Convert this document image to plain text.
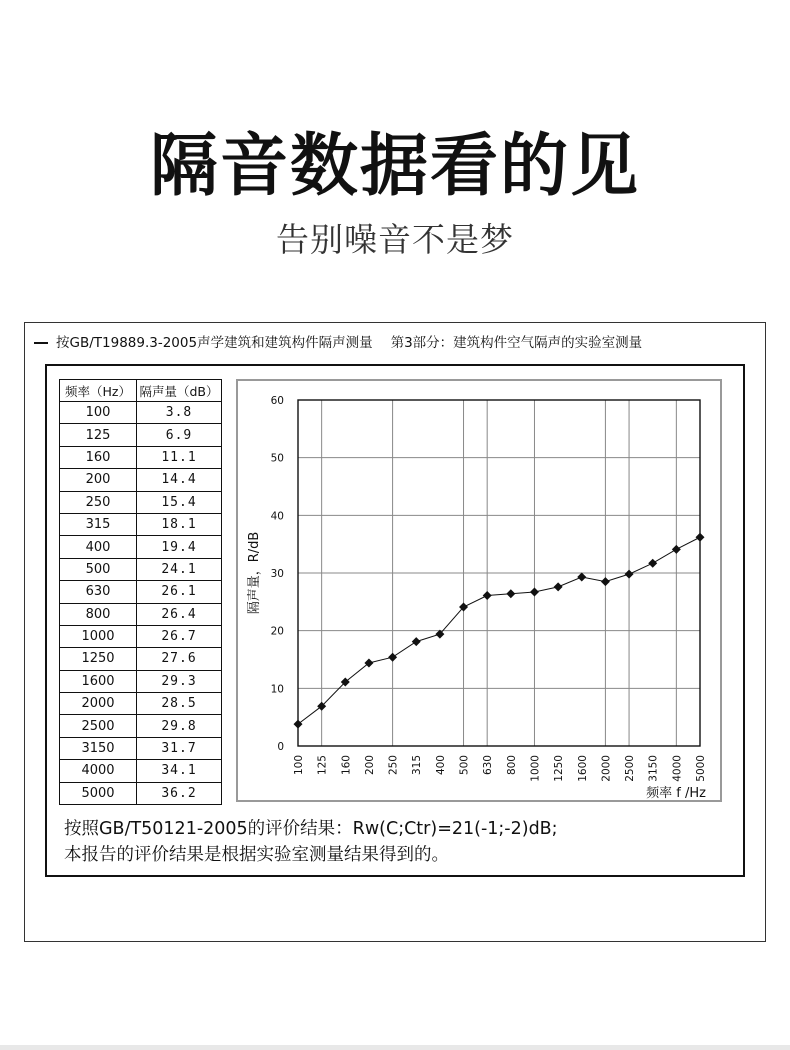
隔音数据看的见
告别噪音不是梦
按GB/T19889.3-2005声学建筑和建筑构件隔声测量 第3部分：建筑构件空气隔声的实验室测量
频率（Hz）	隔声量（dB）
100	3.8
125	6.9
160	11.1
200	14.4
250	15.4
315	18.1
400	19.4
500	24.1
630	26.1
800	26.4
1000	26.7
1250	27.6
1600	29.3
2000	28.5
2500	29.8
3150	31.7
4000	34.1
5000	36.2
0
10
20
30
40
50
60
100 125 160 200 250 315 400 500 630 800 1000 1250 1600 2000 2500 3150 4000 5000
隔声量，R/dB
频率 f /Hz
按照GB/T50121-2005的评价结果：Rw(C;Ctr)=21(-1;-2)dB;
本报告的评价结果是根据实验室测量结果得到的。
